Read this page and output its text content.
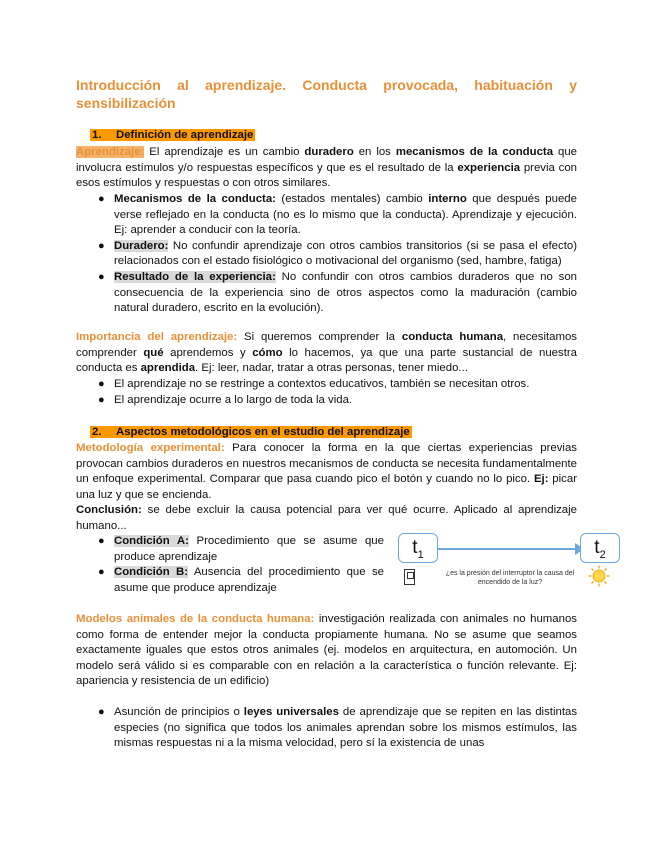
Introducción al aprendizaje. Conducta provocada, habituación y
sensibilización
1. Definición de aprendizaje

Aprendizaje: El aprendizaje es un cambio duradero en los mecanismos de la conducta que involucra estímulos y/o respuestas específicos y que es el resultado de la experiencia previa con esos estímulos y respuestas o con otros similares.

● Mecanismos de la conducta: (estados mentales) cambio interno que después puede verse reflejado en la conducta (no es lo mismo que la conducta). Aprendizaje y ejecución. Ej: aprender a conducir con la teoría.
● Duradero: No confundir aprendizaje con otros cambios transitorios (si se pasa el efecto) relacionados con el estado fisiológico o motivacional del organismo (sed, hambre, fatiga)
● Resultado de la experiencia: No confundir con otros cambios duraderos que no son consecuencia de la experiencia sino de otros aspectos como la maduración (cambio natural duradero, escrito en la evolución).

Importancia del aprendizaje: Si queremos comprender la conducta humana, necesitamos comprender qué aprendemos y cómo lo hacemos, ya que una parte sustancial de nuestra conducta es aprendida. Ej: leer, nadar, tratar a otras personas, tener miedo...

● El aprendizaje no se restringe a contextos educativos, también se necesitan otros.
● El aprendizaje ocurre a lo largo de toda la vida.
2. Aspectos metodológicos en el estudio del aprendizaje

Metodología experimental: Para conocer la forma en la que ciertas experiencias previas provocan cambios duraderos en nuestros mecanismos de conducta se necesita fundamentalmente un enfoque experimental. Comparar que pasa cuando pico el botón y cuando no lo pico. Ej: picar una luz y que se encienda.

Conclusión: se debe excluir la causa potencial para ver qué ocurre. Aplicado al aprendizaje humano...

● Condición A: Procedimiento que se asume que produce aprendizaje
● Condición B: Ausencia del procedimiento que se asume que produce aprendizaje

Modelos animales de la conducta humana: investigación realizada con animales no humanos como forma de entender mejor la conducta propiamente humana. No se asume que seamos exactamente iguales que estos otros animales (ej. modelos en arquitectura, en automoción. Un modelo será válido si es comparable con en relación a la característica o función relevante. Ej: apariencia y resistencia de un edificio)

● Asunción de principios o leyes universales de aprendizaje que se repiten en las distintas especies (no significa que todos los animales aprendan sobre los mismos estímulos, las mismas respuestas ni a la misma velocidad, pero sí la existencia de unas
$t_1$	$t_2$
¿es la presión del interruptor la causa del encendido de la luz?
